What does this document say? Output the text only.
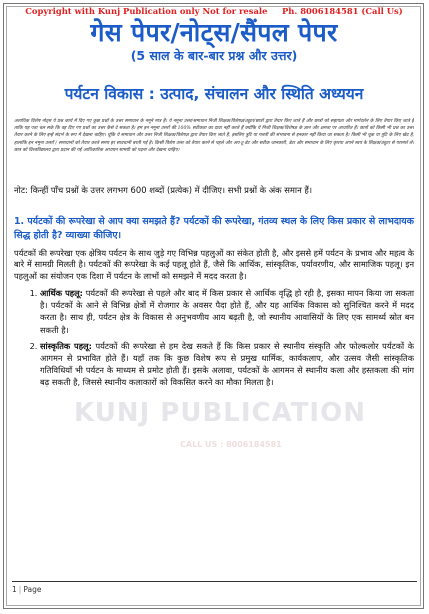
KUNJ PUBLICATION
CALL US : 8006184581
Copyright with Kunj Publication only Not for resale Ph. 8006184581 (Call Us)
गेस पेपर/नोट्स/सैंपल पेपर
(5 साल के बार-बार प्रश्न और उत्तर)
पर्यटन विकास : उत्पाद, संचालन और स्थिति अध्ययन
अत्यधिक विशेष नोट्स ये प्रश्न कार्य में दिए गए कुछ प्रश्नों के उत्तर समाधान के नमूने मात्र हैं। ये नमूना उत्तर/समाधान निजी शिक्षक/विशेषज्ञ/ट्यूटर/छात्रों द्वारा तैयार किए जाते हैं और छात्रों को सहायता और मार्गदर्शन के लिए तैयार किए जाते हैं ताकि यह पता चल सके कि वह दिए गए प्रश्नों का उत्तर कैसे दे सकता है। हम इन नमूना उत्तरों की 100% सटीकता का दावा नहीं करते हैं क्योंकि ये निजी शिक्षक/विशेषज्ञ के ज्ञान और क्षमता पर आधारित हैं। छात्रों को किसी भी प्रश्न का उत्तर तैयार करने के लिए इन्हें संदर्भ के रूप में देखना चाहिए। चूंकि ये समाधान और उत्तर निजी शिक्षक/विशेषज्ञ द्वारा तैयार किए जाते हैं, इसलिए त्रुटि या गलती की संभावना से इनकार नहीं किया जा सकता है। किसी भी चूक या त्रुटि के लिए खेद है, हालांकि इन नमूना उत्तरों / समाधानों को तैयार करते समय हर सावधानी बरती गई है। किसी विशेष उत्तर को तैयार करने से पहले और अप-टू-डेट और सटीक जानकारी, डेटा और समाधान के लिए कृपया अपने स्वयं के शिक्षक/ट्यूटर से परामर्श लें। छात्र को विश्वविद्यालय द्वारा प्रदान की गई आधिकारिक अध्ययन सामग्री को पढ़ना और देखना चाहिए।
नोट: किन्हीं पाँच प्रश्नों के उत्तर लगभग 600 शब्दों (प्रत्येक) में दीजिए। सभी प्रश्नों के अंक समान हैं।
1. पर्यटकों की रूपरेखा से आप क्या समझते हैं? पर्यटकों की रूपरेखा, गंतव्य स्थल के लिए किस प्रकार से लाभदायक सिद्ध होती है? व्याख्या कीजिए।
पर्यटकों की रूपरेखा एक क्षेत्रिय पर्यटन के साथ जुड़े गए विभिन्न पहलुओं का संकेत होती है, और इससे हमें पर्यटन के प्रभाव और महत्व के बारे में सामग्री मिलती है। पर्यटकों की रूपरेखा के कई पहलू होते हैं, जैसे कि आर्थिक, सांस्कृतिक, पर्यावरणीय, और सामाजिक पहलू। इन पहलुओं का संयोजन एक दिशा में पर्यटन के लाभों को समझने में मदद करता है।
1. आर्थिक पहलू: पर्यटकों की रूपरेखा से पहले और बाद में किस प्रकार से आर्थिक वृद्धि हो रही है, इसका मापन किया जा सकता है। पर्यटकों के आने से विभिन्न क्षेत्रों में रोजगार के अवसर पैदा होते हैं, और यह आर्थिक विकास को सुनिश्चित करने में मदद करता है। साथ ही, पर्यटन क्षेत्र के विकास से अनुभवणीय आय बढ़ती है, जो स्थानीय आवासियों के लिए एक सामर्थ्य स्रोत बन सकती है।
2. सांस्कृतिक पहलू: पर्यटकों की रूपरेखा से हम देख सकते हैं कि किस प्रकार से स्थानीय संस्कृति और फोल्कलोर पर्यटकों के आगमन से प्रभावित होते हैं। यहाँ तक कि कुछ विशेष रूप से प्रमुख धार्मिक, कार्यकलाप, और उत्सव जैसी सांस्कृतिक गतिविधियाँ भी पर्यटन के माध्यम से प्रमोट होती हैं। इसके अलावा, पर्यटकों के आगमन से स्थानीय कला और हस्तकला की मांग बढ़ सकती है, जिससे स्थानीय कलाकारों को विकसित करने का मौका मिलता है।
1 | Page
